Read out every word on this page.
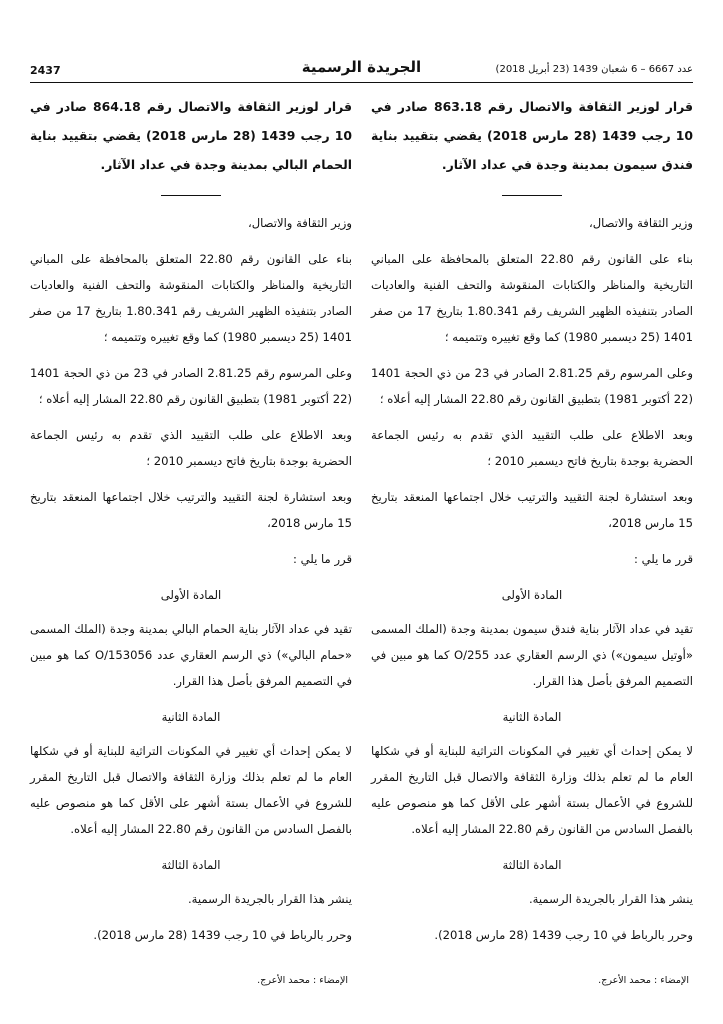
2437	الجريدة الرسمية	عدد 6667 – 6 شعبان 1439 (23 أبريل 2018)

قرار لوزير الثقافة والاتصال رقم 863.18 صادر في 10 رجب 1439 (28 مارس 2018) يقضي بتقييد بناية فندق سيمون بمدينة وجدة في عداد الآثار.

وزير الثقافة والاتصال،

بناء على القانون رقم 22.80 المتعلق بالمحافظة على المباني التاريخية والمناظر والكتابات المنقوشة والتحف الفنية والعاديات الصادر بتنفيذه الظهير الشريف رقم 1.80.341 بتاريخ 17 من صفر 1401 (25 ديسمبر 1980) كما وقع تغييره وتتميمه ؛

وعلى المرسوم رقم 2.81.25 الصادر في 23 من ذي الحجة 1401 (22 أكتوبر 1981) بتطبيق القانون رقم 22.80 المشار إليه أعلاه ؛

وبعد الاطلاع على طلب التقييد الذي تقدم به رئيس الجماعة الحضرية بوجدة بتاريخ فاتح ديسمبر 2010 ؛

وبعد استشارة لجنة التقييد والترتيب خلال اجتماعها المنعقد بتاريخ 15 مارس 2018،

قرر ما يلي :

المادة الأولى

تقيد في عداد الآثار بناية فندق سيمون بمدينة وجدة (الملك المسمى «أوتيل سيمون») ذي الرسم العقاري عدد O/255 كما هو مبين في التصميم المرفق بأصل هذا القرار.

المادة الثانية

لا يمكن إحداث أي تغيير في المكونات التراثية للبناية أو في شكلها العام ما لم تعلم بذلك وزارة الثقافة والاتصال قبل التاريخ المقرر للشروع في الأعمال بستة أشهر على الأقل كما هو منصوص عليه بالفصل السادس من القانون رقم 22.80 المشار إليه أعلاه.

المادة الثالثة

ينشر هذا القرار بالجريدة الرسمية.

وحرر بالرباط في 10 رجب 1439 (28 مارس 2018).

الإمضاء : محمد الأعرج.

قرار لوزير الثقافة والاتصال رقم 864.18 صادر في 10 رجب 1439 (28 مارس 2018) يقضي بتقييد بناية الحمام البالي بمدينة وجدة في عداد الآثار.

وزير الثقافة والاتصال،

بناء على القانون رقم 22.80 المتعلق بالمحافظة على المباني التاريخية والمناظر والكتابات المنقوشة والتحف الفنية والعاديات الصادر بتنفيذه الظهير الشريف رقم 1.80.341 بتاريخ 17 من صفر 1401 (25 ديسمبر 1980) كما وقع تغييره وتتميمه ؛

وعلى المرسوم رقم 2.81.25 الصادر في 23 من ذي الحجة 1401 (22 أكتوبر 1981) بتطبيق القانون رقم 22.80 المشار إليه أعلاه ؛

وبعد الاطلاع على طلب التقييد الذي تقدم به رئيس الجماعة الحضرية بوجدة بتاريخ فاتح ديسمبر 2010 ؛

وبعد استشارة لجنة التقييد والترتيب خلال اجتماعها المنعقد بتاريخ 15 مارس 2018،

قرر ما يلي :

المادة الأولى

تقيد في عداد الآثار بناية الحمام البالي بمدينة وجدة (الملك المسمى «حمام البالي») ذي الرسم العقاري عدد O/153056 كما هو مبين في التصميم المرفق بأصل هذا القرار.

المادة الثانية

لا يمكن إحداث أي تغيير في المكونات التراثية للبناية أو في شكلها العام ما لم تعلم بذلك وزارة الثقافة والاتصال قبل التاريخ المقرر للشروع في الأعمال بستة أشهر على الأقل كما هو منصوص عليه بالفصل السادس من القانون رقم 22.80 المشار إليه أعلاه.

المادة الثالثة

ينشر هذا القرار بالجريدة الرسمية.

وحرر بالرباط في 10 رجب 1439 (28 مارس 2018).

الإمضاء : محمد الأعرج.
